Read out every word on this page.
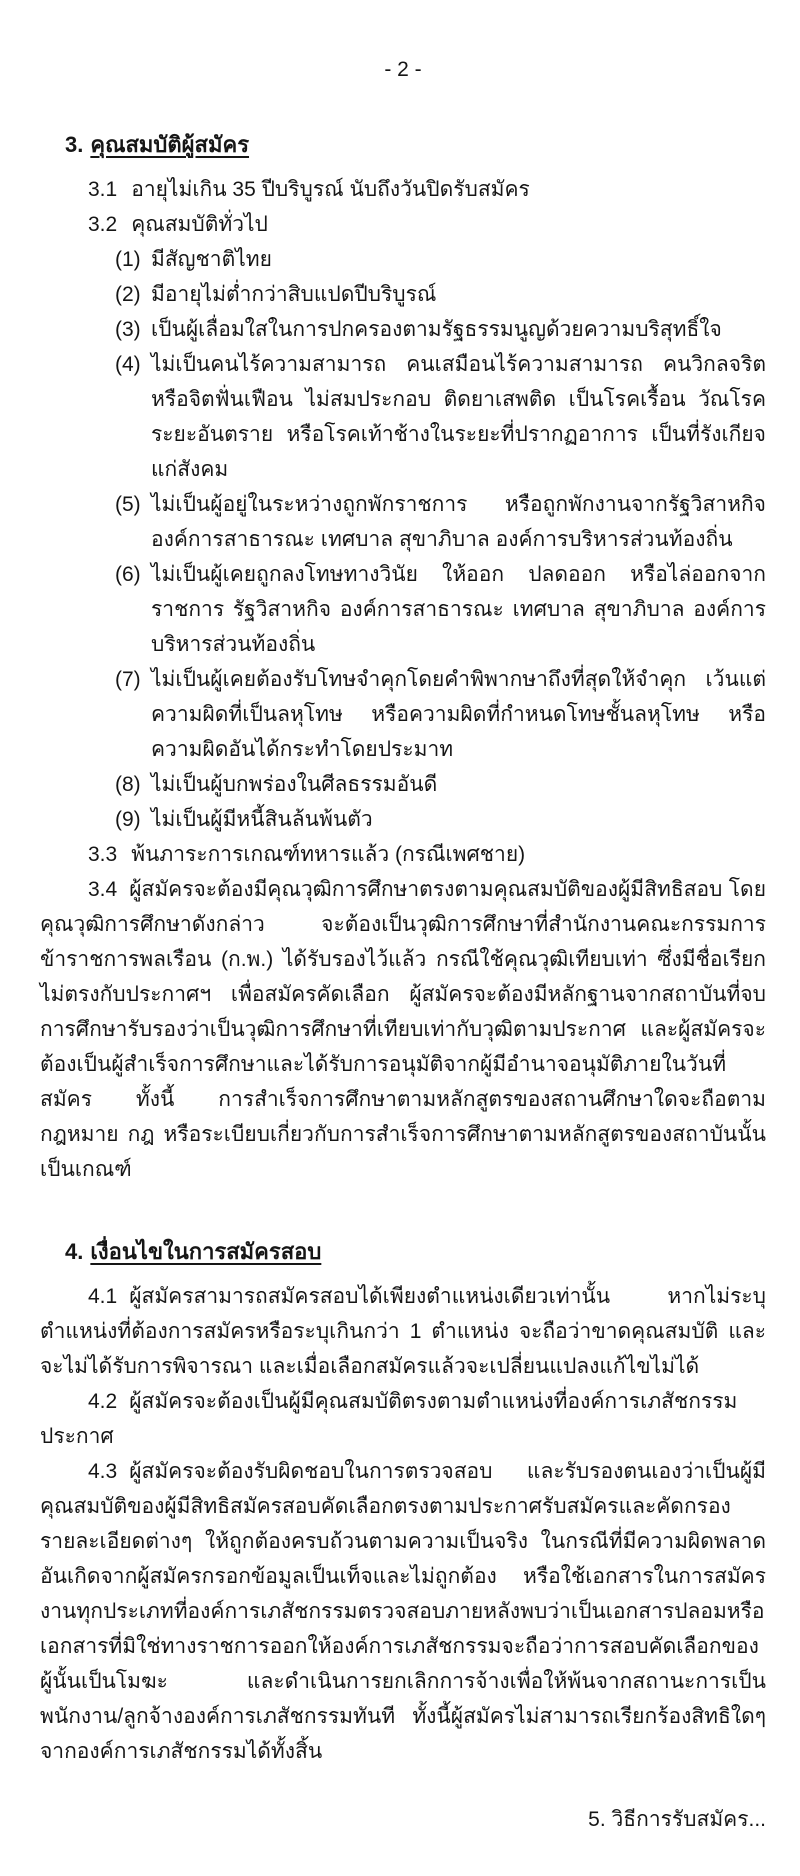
- 2 -
3. คุณสมบัติผู้สมัคร
3.1 อายุไม่เกิน 35 ปีบริบูรณ์ นับถึงวันปิดรับสมัคร
3.2 คุณสมบัติทั่วไป
(1) มีสัญชาติไทย
(2) มีอายุไม่ต่ำกว่าสิบแปดปีบริบูรณ์
(3) เป็นผู้เลื่อมใสในการปกครองตามรัฐธรรมนูญด้วยความบริสุทธิ์ใจ
(4) ไม่เป็นคนไร้ความสามารถ คนเสมือนไร้ความสามารถ คนวิกลจริตหรือจิตฟั่นเฟือน ไม่สมประกอบ ติดยาเสพติด เป็นโรคเรื้อน วัณโรคระยะอันตราย หรือโรคเท้าช้างในระยะที่ปรากฏอาการ เป็นที่รังเกียจแก่สังคม
(5) ไม่เป็นผู้อยู่ในระหว่างถูกพักราชการ หรือถูกพักงานจากรัฐวิสาหกิจ องค์การสาธารณะ เทศบาล สุขาภิบาล องค์การบริหารส่วนท้องถิ่น
(6) ไม่เป็นผู้เคยถูกลงโทษทางวินัย ให้ออก ปลดออก หรือไล่ออกจากราชการ รัฐวิสาหกิจ องค์การสาธารณะ เทศบาล สุขาภิบาล องค์การบริหารส่วนท้องถิ่น
(7) ไม่เป็นผู้เคยต้องรับโทษจำคุกโดยคำพิพากษาถึงที่สุดให้จำคุก เว้นแต่ความผิดที่เป็นลหุโทษ หรือความผิดที่กำหนดโทษชั้นลหุโทษ หรือความผิดอันได้กระทำโดยประมาท
(8) ไม่เป็นผู้บกพร่องในศีลธรรมอันดี
(9) ไม่เป็นผู้มีหนี้สินล้นพ้นตัว
3.3 พ้นภาระการเกณฑ์ทหารแล้ว (กรณีเพศชาย)

3.4 ผู้สมัครจะต้องมีคุณวุฒิการศึกษาตรงตามคุณสมบัติของผู้มีสิทธิสอบ โดยคุณวุฒิการศึกษาดังกล่าว จะต้องเป็นวุฒิการศึกษาที่สำนักงานคณะกรรมการข้าราชการพลเรือน (ก.พ.) ได้รับรองไว้แล้ว กรณีใช้คุณวุฒิเทียบเท่า ซึ่งมีชื่อเรียกไม่ตรงกับประกาศฯ เพื่อสมัครคัดเลือก ผู้สมัครจะต้องมีหลักฐานจากสถาบันที่จบการศึกษารับรองว่าเป็นวุฒิการศึกษาที่เทียบเท่ากับวุฒิตามประกาศ และผู้สมัครจะต้องเป็นผู้สำเร็จการศึกษาและได้รับการอนุมัติจากผู้มีอำนาจอนุมัติภายในวันที่สมัคร ทั้งนี้ การสำเร็จการศึกษาตามหลักสูตรของสถานศึกษาใดจะถือตามกฎหมาย กฎ หรือระเบียบเกี่ยวกับการสำเร็จการศึกษาตามหลักสูตรของสถาบันนั้นเป็นเกณฑ์

4. เงื่อนไขในการสมัครสอบ

4.1 ผู้สมัครสามารถสมัครสอบได้เพียงตำแหน่งเดียวเท่านั้น หากไม่ระบุตำแหน่งที่ต้องการสมัครหรือระบุเกินกว่า 1 ตำแหน่ง จะถือว่าขาดคุณสมบัติ และจะไม่ได้รับการพิจารณา และเมื่อเลือกสมัครแล้วจะเปลี่ยนแปลงแก้ไขไม่ได้

4.2 ผู้สมัครจะต้องเป็นผู้มีคุณสมบัติตรงตามตำแหน่งที่องค์การเภสัชกรรมประกาศ

4.3 ผู้สมัครจะต้องรับผิดชอบในการตรวจสอบ และรับรองตนเองว่าเป็นผู้มีคุณสมบัติของผู้มีสิทธิสมัครสอบคัดเลือกตรงตามประกาศรับสมัครและคัดกรองรายละเอียดต่างๆ ให้ถูกต้องครบถ้วนตามความเป็นจริง ในกรณีที่มีความผิดพลาดอันเกิดจากผู้สมัครกรอกข้อมูลเป็นเท็จและไม่ถูกต้อง หรือใช้เอกสารในการสมัครงานทุกประเภทที่องค์การเภสัชกรรมตรวจสอบภายหลังพบว่าเป็นเอกสารปลอมหรือเอกสารที่มิใช่ทางราชการออกให้องค์การเภสัชกรรมจะถือว่าการสอบคัดเลือกของผู้นั้นเป็นโมฆะ และดำเนินการยกเลิกการจ้างเพื่อให้พ้นจากสถานะการเป็นพนักงาน/ลูกจ้างองค์การเภสัชกรรมทันที ทั้งนี้ผู้สมัครไม่สามารถเรียกร้องสิทธิใดๆ จากองค์การเภสัชกรรมได้ทั้งสิ้น

5. วิธีการรับสมัคร...
